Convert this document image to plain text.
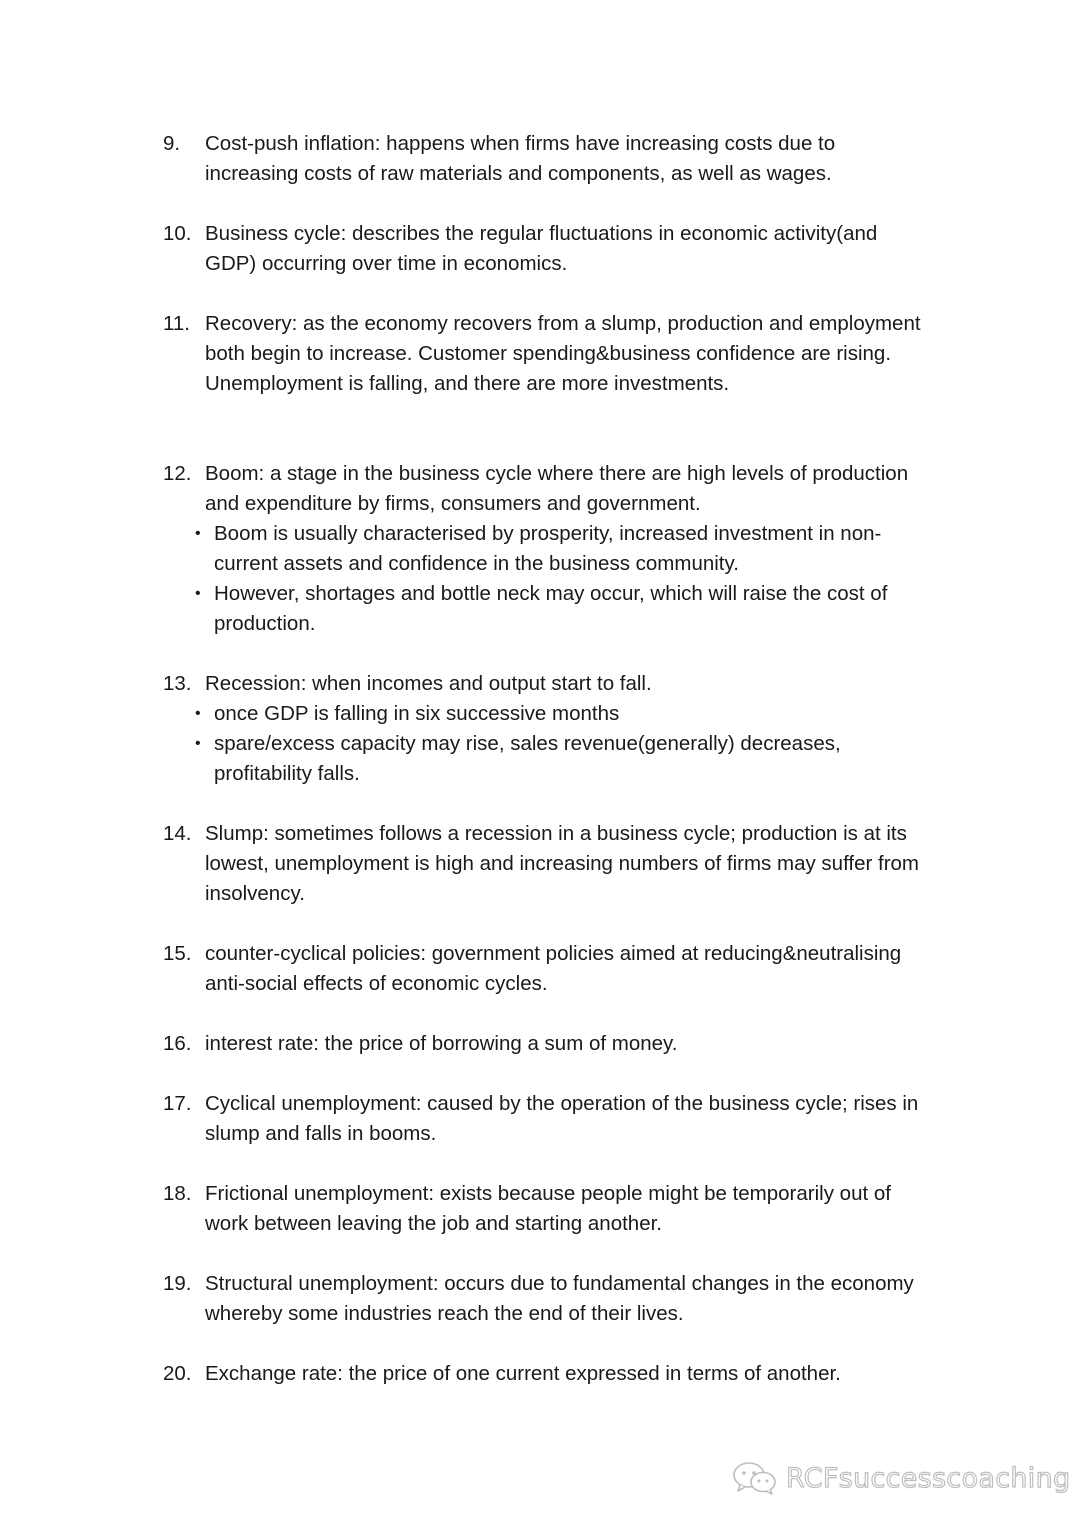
9.	Cost-push inflation: happens when firms have increasing costs due to increasing costs of raw materials and components, as well as wages.
10. Business cycle: describes the regular fluctuations in economic activity(and GDP) occurring over time in economics.
11. Recovery: as the economy recovers from a slump, production and employment both begin to increase. Customer spending&business confidence are rising. Unemployment is falling, and there are more investments.
12. Boom: a stage in the business cycle where there are high levels of production and expenditure by firms, consumers and government.
• Boom is usually characterised by prosperity, increased investment in non-current assets and confidence in the business community.
• However, shortages and bottle neck may occur, which will raise the cost of production.
13. Recession: when incomes and output start to fall.
• once GDP is falling in six successive months
• spare/excess capacity may rise, sales revenue(generally) decreases, profitability falls.
14. Slump: sometimes follows a recession in a business cycle; production is at its lowest, unemployment is high and increasing numbers of firms may suffer from insolvency.
15. counter-cyclical policies: government policies aimed at reducing&neutralising anti-social effects of economic cycles.
16. interest rate: the price of borrowing a sum of money.
17. Cyclical unemployment: caused by the operation of the business cycle; rises in slump and falls in booms.
18. Frictional unemployment: exists because people might be temporarily out of work between leaving the job and starting another.
19. Structural unemployment: occurs due to fundamental changes in the economy whereby some industries reach the end of their lives.
20. Exchange rate: the price of one current expressed in terms of another.
RCFsuccesscoaching
